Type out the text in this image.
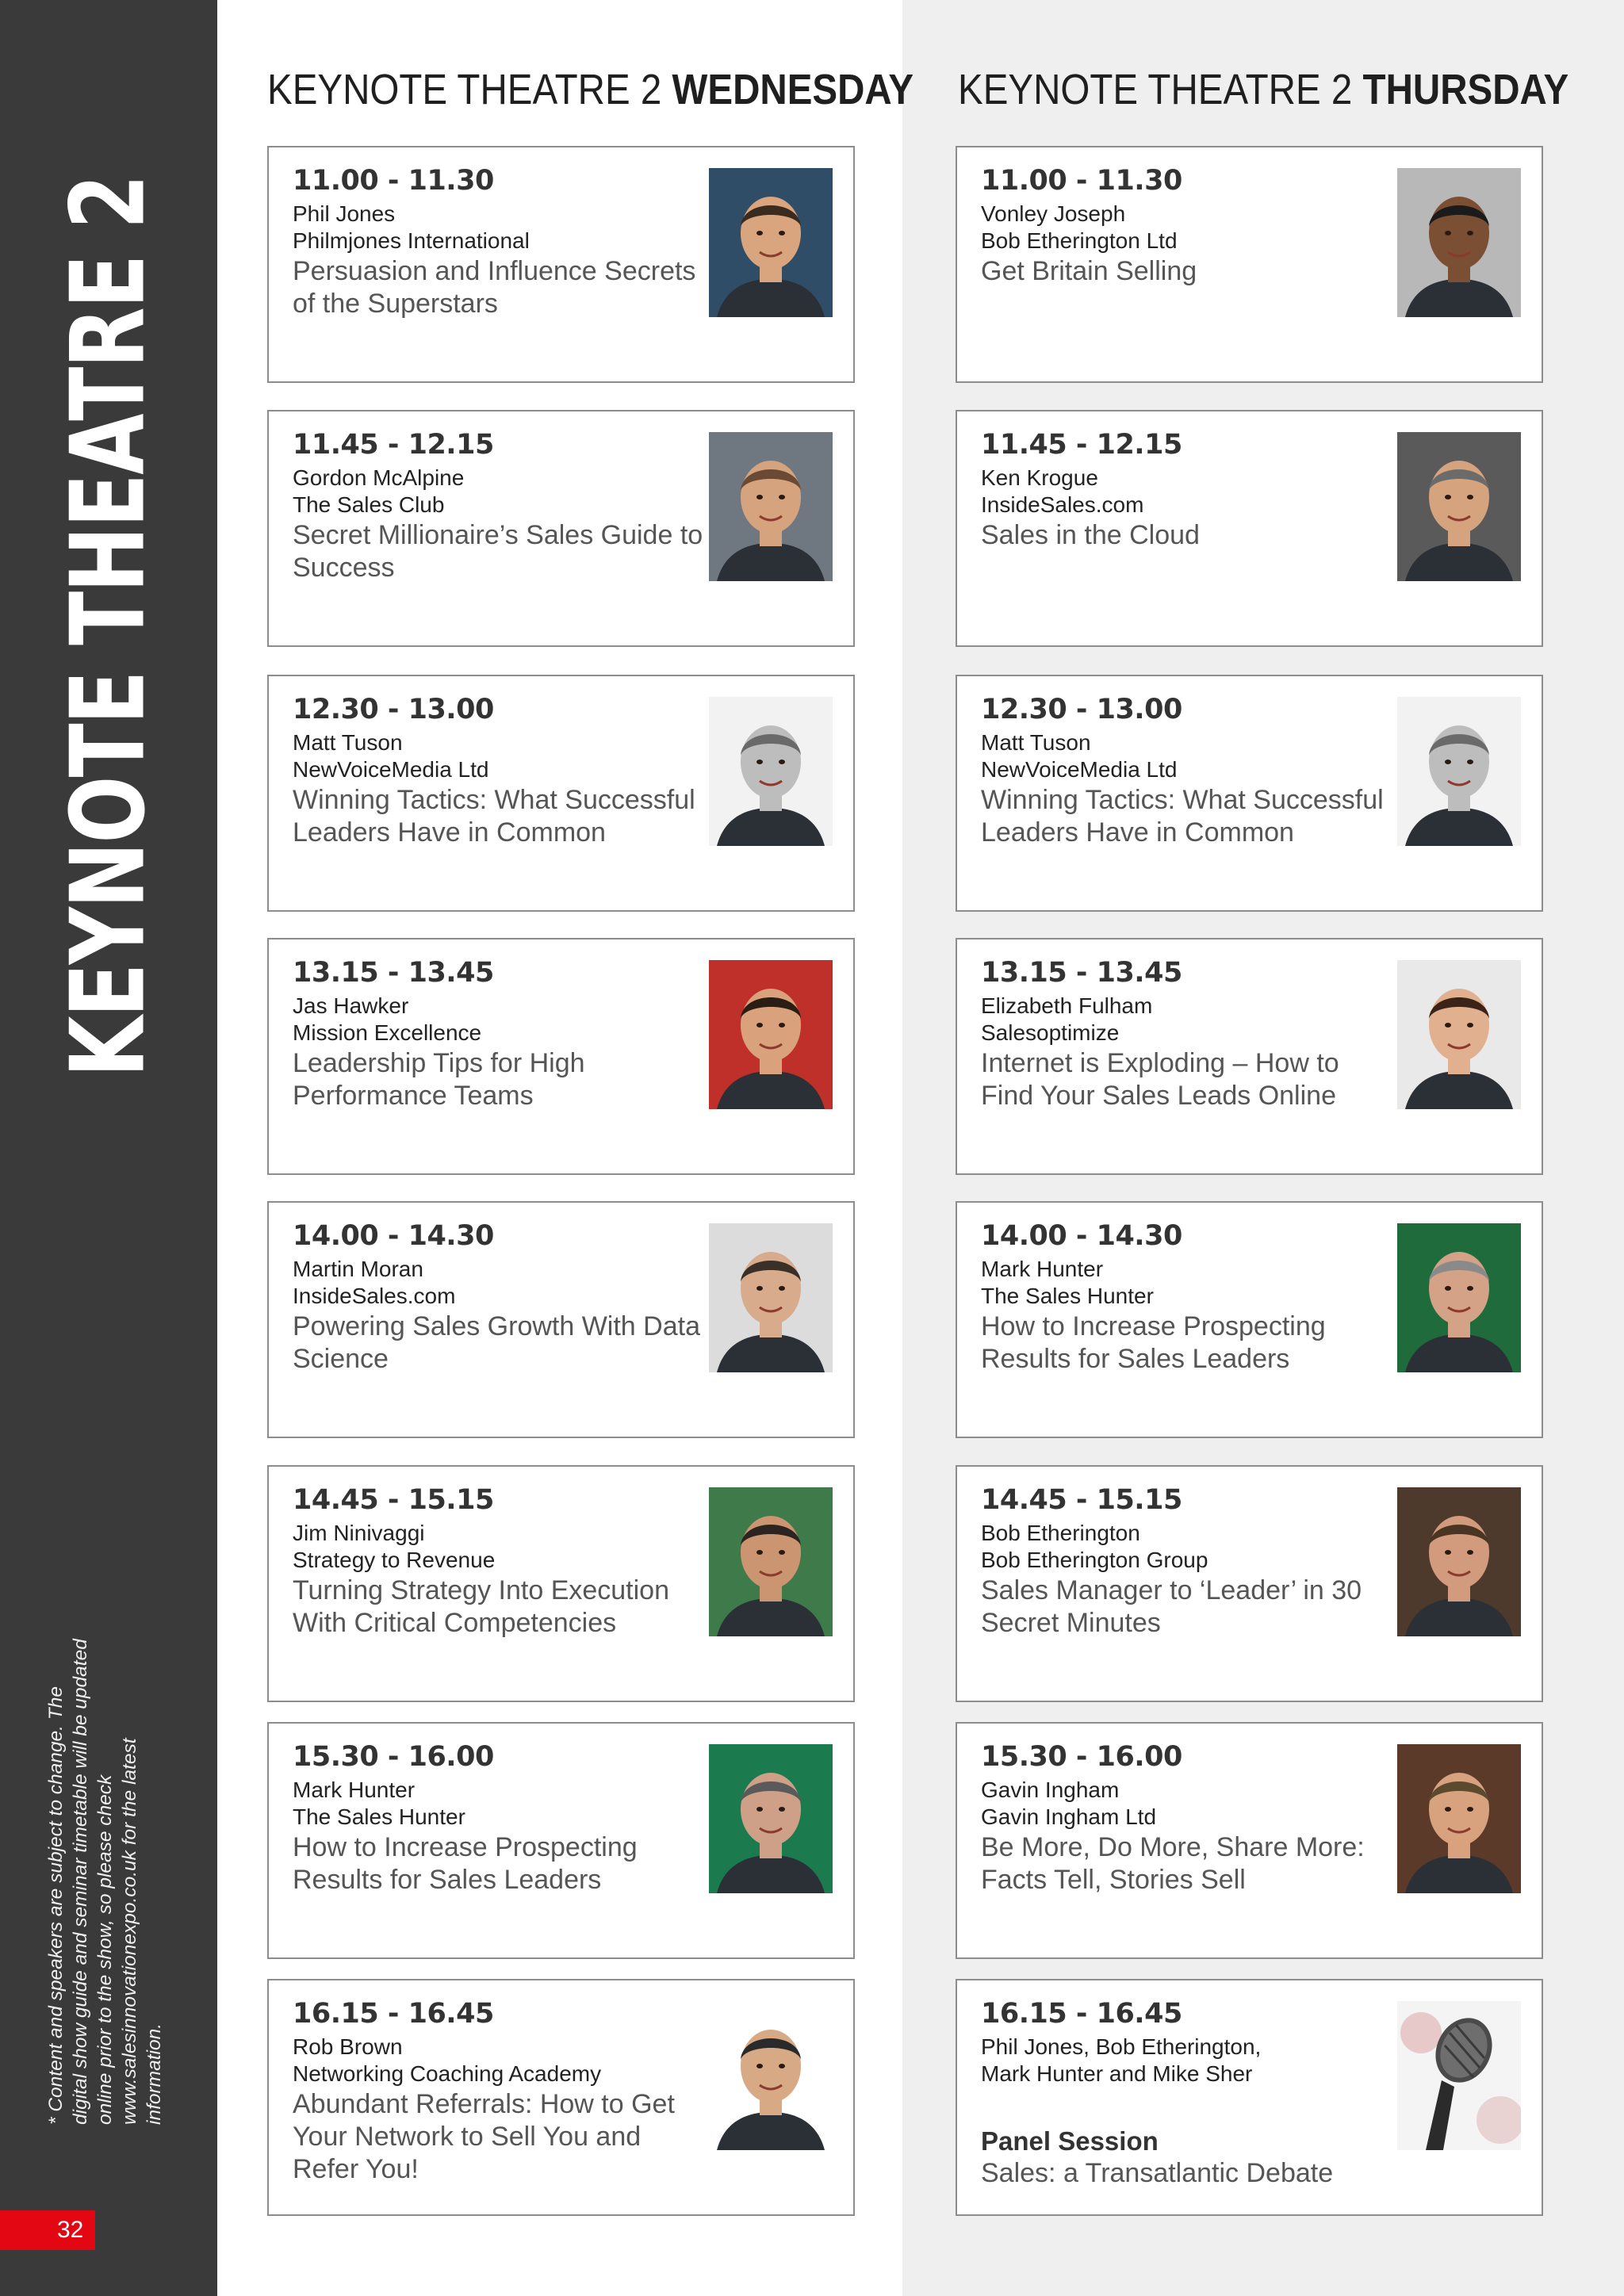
KEYNOTE THEATRE 2
* Content and speakers are subject to change. The digital show guide and seminar timetable will be updated online prior to the show, so please check www.salesinnovationexpo.co.uk for the latest information.
32
KEYNOTE THEATRE 2 WEDNESDAY KEYNOTE THEATRE 2 THURSDAY
11.00 - 11.30
Phil Jones
Philmjones International
Persuasion and Influence Secrets of the Superstars
11.45 - 12.15
Gordon McAlpine
The Sales Club
Secret Millionaire’s Sales Guide to Success
12.30 - 13.00
Matt Tuson
NewVoiceMedia Ltd
Winning Tactics: What Successful Leaders Have in Common
13.15 - 13.45
Jas Hawker
Mission Excellence
Leadership Tips for High Performance Teams
14.00 - 14.30
Martin Moran
InsideSales.com
Powering Sales Growth With Data Science
14.45 - 15.15
Jim Ninivaggi
Strategy to Revenue
Turning Strategy Into Execution With Critical Competencies
15.30 - 16.00
Mark Hunter
The Sales Hunter
How to Increase Prospecting Results for Sales Leaders
16.15 - 16.45
Rob Brown
Networking Coaching Academy
Abundant Referrals: How to Get Your Network to Sell You and Refer You!
11.00 - 11.30
Vonley Joseph
Bob Etherington Ltd
Get Britain Selling
11.45 - 12.15
Ken Krogue
InsideSales.com
Sales in the Cloud
12.30 - 13.00
Matt Tuson
NewVoiceMedia Ltd
Winning Tactics: What Successful Leaders Have in Common
13.15 - 13.45
Elizabeth Fulham
Salesoptimize
Internet is Exploding – How to Find Your Sales Leads Online
14.00 - 14.30
Mark Hunter
The Sales Hunter
How to Increase Prospecting Results for Sales Leaders
14.45 - 15.15
Bob Etherington
Bob Etherington Group
Sales Manager to ‘Leader’ in 30 Secret Minutes
15.30 - 16.00
Gavin Ingham
Gavin Ingham Ltd
Be More, Do More, Share More: Facts Tell, Stories Sell
16.15 - 16.45
Phil Jones, Bob Etherington,
Mark Hunter and Mike Sher
Panel Session
Sales: a Transatlantic Debate
